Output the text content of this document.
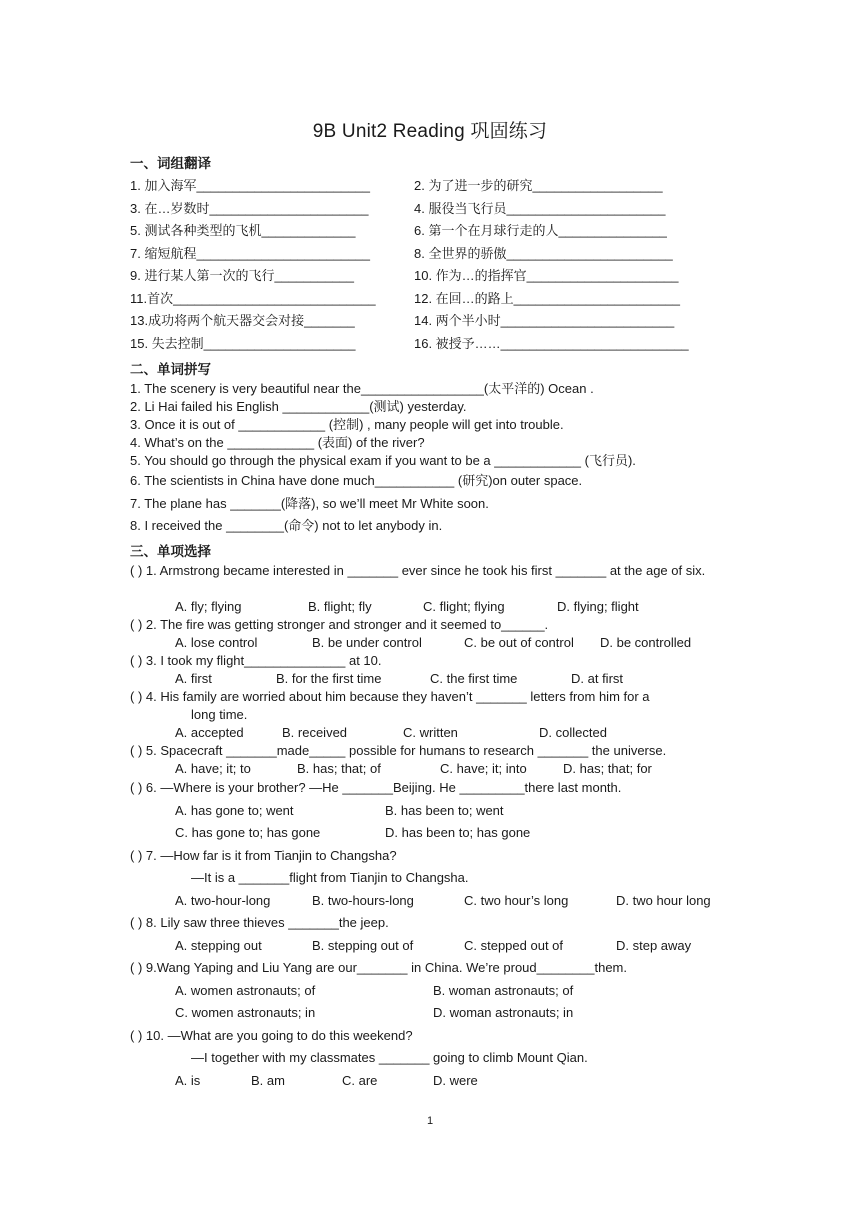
9B Unit2 Reading 巩固练习
一、词组翻译
1. 加入海军________________________	2. 为了进一步的研究__________________
3. 在…岁数时______________________	4. 服役当飞行员______________________
5. 测试各种类型的飞机_____________	6. 第一个在月球行走的人_______________
7. 缩短航程________________________	8. 全世界的骄傲_______________________
9. 进行某人第一次的飞行___________	10. 作为…的指挥官_____________________
11.首次____________________________	12. 在回…的路上_______________________
13.成功将两个航天器交会对接_______	14. 两个半小时________________________
15. 失去控制_____________________	16. 被授予……__________________________
二、单词拼写
1. The scenery is very beautiful near the_________________(太平洋的) Ocean .
2. Li Hai failed his English ____________(测试) yesterday.
3. Once it is out of ____________ (控制) , many people will get into trouble.
4. What’s on the ____________ (表面) of the river?
5. You should go through the physical exam if you want to be a ____________ (飞行员).
6. The scientists in China have done much___________ (研究)on outer space.
7. The plane has _______(降落), so we’ll meet Mr White soon.
8. I received the ________(命令) not to let anybody in.
三、单项选择
( ) 1. Armstrong became interested in _______ ever since he took his first _______ at the age of six.
A. fly; flying	B. flight; fly	C. flight; flying	D. flying; flight
( ) 2. The fire was getting stronger and stronger and it seemed to______.
A. lose control	B. be under control	C. be out of control D. be controlled
( ) 3. I took my flight______________ at 10.
A. first	B. for the first time	C. the first time	D. at first
( ) 4. His family are worried about him because they haven’t _______ letters from him for a
long time.
A. accepted	B. received	C. written	D. collected
( ) 5. Spacecraft _______made_____ possible for humans to research _______ the universe.
A. have; it; to	B. has; that; of	C. have; it; into	D. has; that; for
( ) 6. —Where is your brother? —He _______Beijing. He _________there last month.
A. has gone to; went	B. has been to; went
C. has gone to; has gone	D. has been to; has gone
( ) 7. —How far is it from Tianjin to Changsha?
—It is a _______flight from Tianjin to Changsha.
A. two-hour-long	B. two-hours-long	C. two hour’s long	D. two hour long
( ) 8. Lily saw three thieves _______the jeep.
A. stepping out	B. stepping out of	C. stepped out of	D. step away
( ) 9.Wang Yaping and Liu Yang are our_______ in China. We’re proud________them.
A. women astronauts; of	B. woman astronauts; of
C. women astronauts; in	D. woman astronauts; in
( ) 10. —What are you going to do this weekend?
—I together with my classmates _______ going to climb Mount Qian.
A. is	B. am	C. are	D. were
1
